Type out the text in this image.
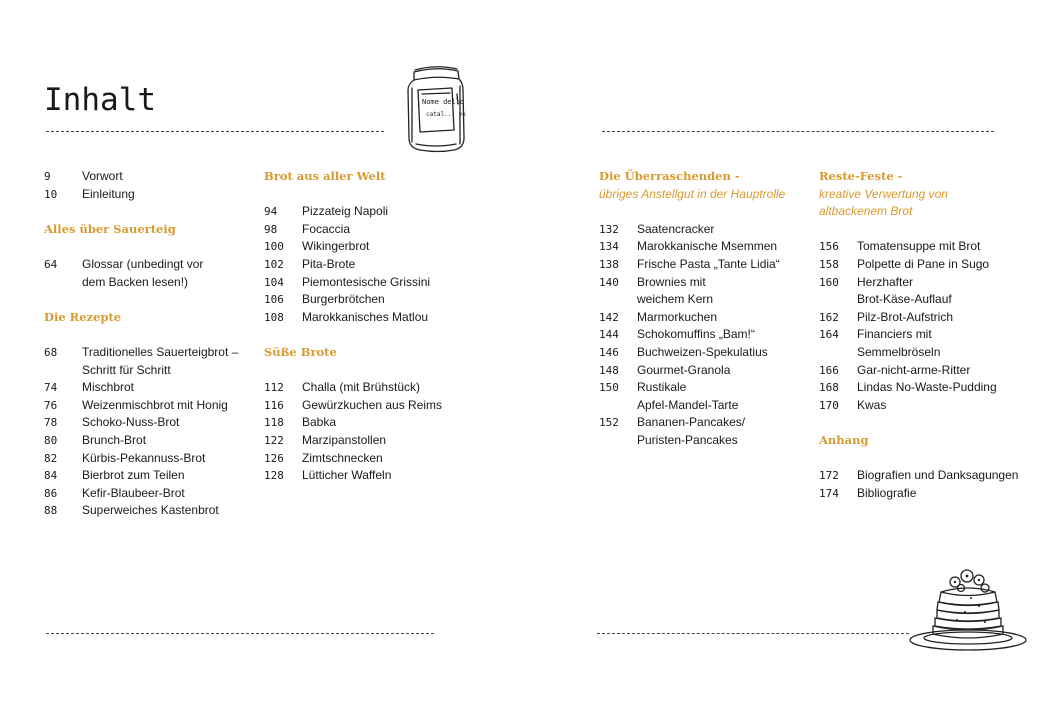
Inhalt	Nome dello
catal... vo
9	Vorwort
10	Einleitung
Alles über Sauerteig
64	Glossar (unbedingt vor
dem Backen lesen!)
Die Rezepte
68	Traditionelles Sauerteigbrot –
Schritt für Schritt
74	Mischbrot
76	Weizenmischbrot mit Honig
78	Schoko-Nuss-Brot
80	Brunch-Brot
82	Kürbis-Pekannuss-Brot
84	Bierbrot zum Teilen
86	Kefir-Blaubeer-Brot
88	Superweiches Kastenbrot
Brot aus aller Welt
94	Pizzateig Napoli
98	Focaccia
100	Wikingerbrot
102	Pita-Brote
104	Piemontesische Grissini
106	Burgerbrötchen
108	Marokkanisches Matlou
Süße Brote
112	Challa (mit Brühstück)
116	Gewürzkuchen aus Reims
118	Babka
122	Marzipanstollen
126	Zimtschnecken
128	Lütticher Waffeln
Die Überraschenden -
übriges Anstellgut in der Hauptrolle
132	Saatencracker
134	Marokkanische Msemmen
138	Frische Pasta „Tante Lidia“
140	Brownies mit
weichem Kern
142	Marmorkuchen
144	Schokomuffins „Bam!“
146	Buchweizen-Spekulatius
148	Gourmet-Granola
150	Rustikale
Apfel-Mandel-Tarte
152	Bananen-Pancakes/
Puristen-Pancakes
Reste-Feste -
kreative Verwertung von
altbackenem Brot
156	Tomatensuppe mit Brot
158	Polpette di Pane in Sugo
160	Herzhafter
Brot-Käse-Auflauf
162	Pilz-Brot-Aufstrich
164	Financiers mit
Semmelbröseln
166	Gar-nicht-arme-Ritter
168	Lindas No-Waste-Pudding
170	Kwas
Anhang
172	Biografien und Danksagungen
174	Bibliografie
